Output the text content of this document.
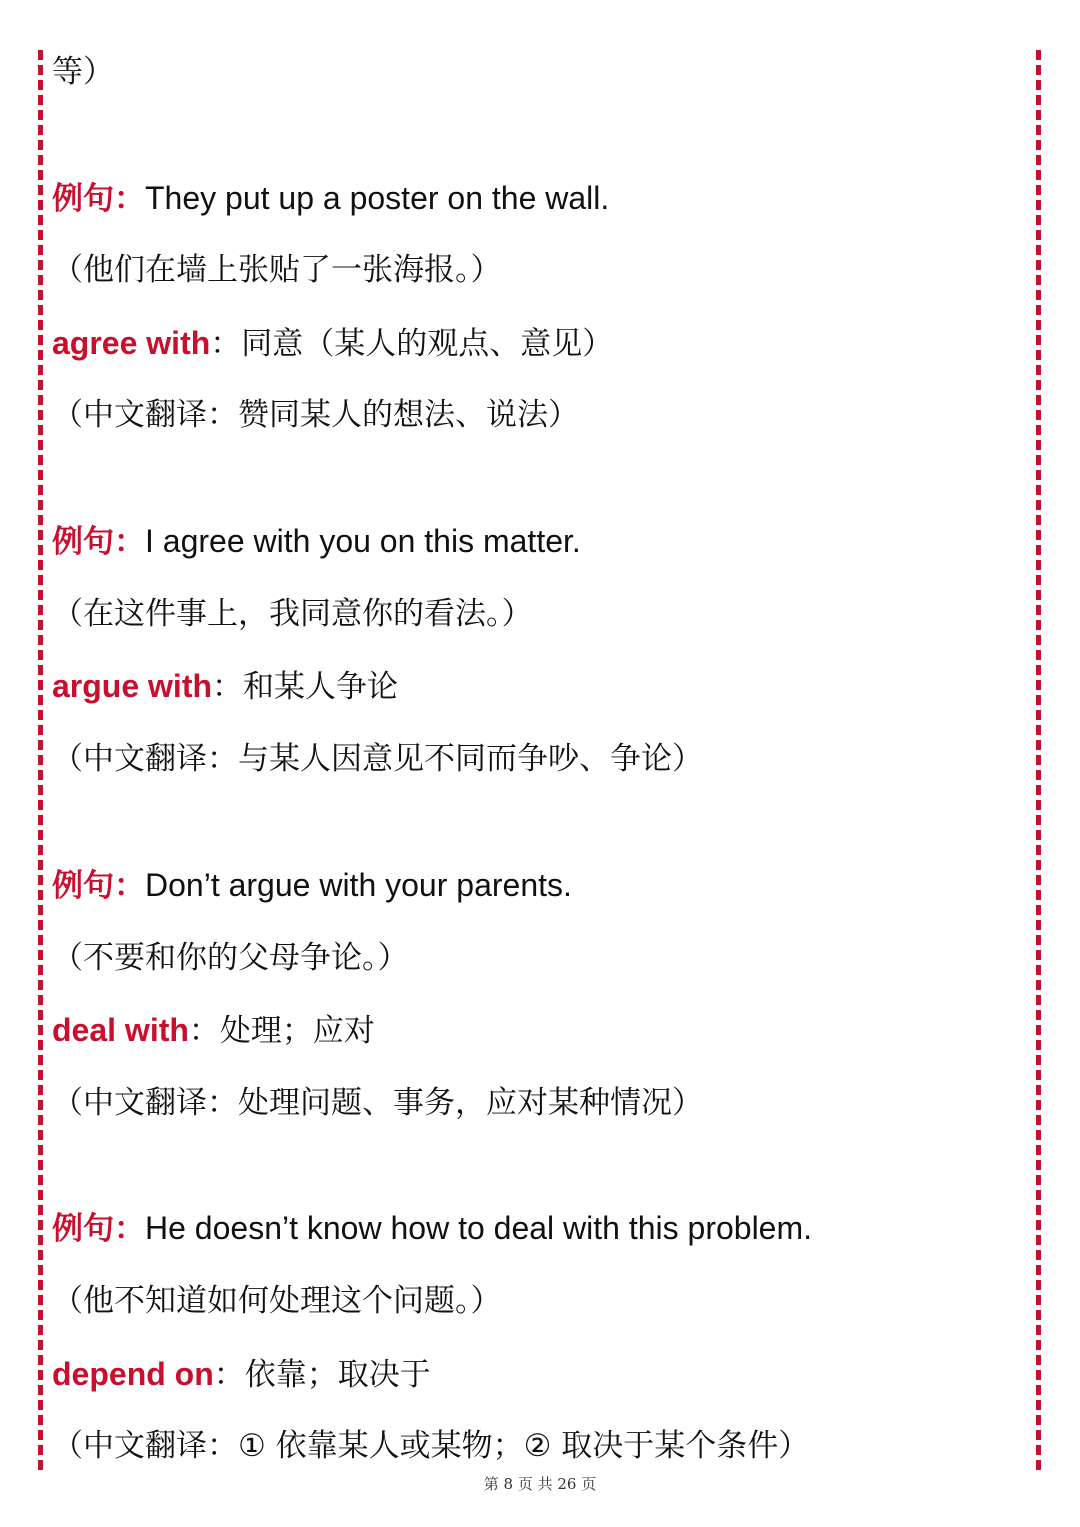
等）
例句：They put up a poster on the wall.
（他们在墙上张贴了一张海报。）
agree with：同意（某人的观点、意见）
（中文翻译：赞同某人的想法、说法）
例句：I agree with you on this matter.
（在这件事上，我同意你的看法。）
argue with：和某人争论
（中文翻译：与某人因意见不同而争吵、争论）
例句：Don’t argue with your parents.
（不要和你的父母争论。）
deal with：处理；应对
（中文翻译：处理问题、事务，应对某种情况）
例句：He doesn’t know how to deal with this problem.
（他不知道如何处理这个问题。）
depend on：依靠；取决于
（中文翻译：① 依靠某人或某物；② 取决于某个条件）
第 8 页 共 26 页
